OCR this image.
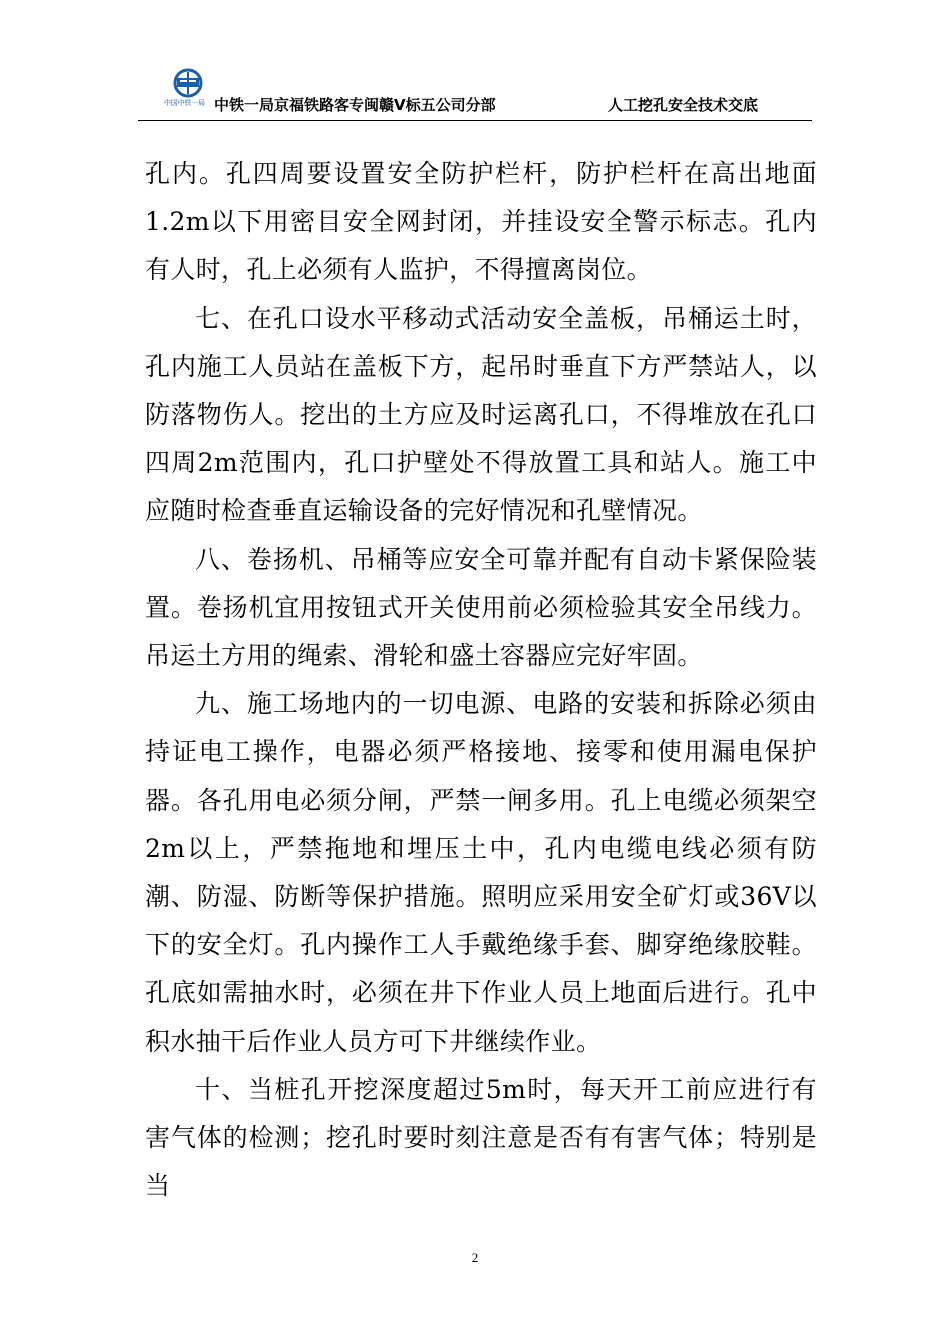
中国中铁一局 中铁一局京福铁路客专闽赣Ⅴ标五公司分部	人工挖孔安全技术交底

孔内。孔四周要设置安全防护栏杆，防护栏杆在高出地面1.2m以下用密目安全网封闭，并挂设安全警示标志。孔内有人时，孔上必须有人监护，不得擅离岗位。

七、在孔口设水平移动式活动安全盖板，吊桶运土时，孔内施工人员站在盖板下方，起吊时垂直下方严禁站人，以防落物伤人。挖出的土方应及时运离孔口，不得堆放在孔口四周2m范围内，孔口护壁处不得放置工具和站人。施工中应随时检查垂直运输设备的完好情况和孔壁情况。

八、卷扬机、吊桶等应安全可靠并配有自动卡紧保险装置。卷扬机宜用按钮式开关使用前必须检验其安全吊线力。吊运土方用的绳索、滑轮和盛土容器应完好牢固。

九、施工场地内的一切电源、电路的安装和拆除必须由持证电工操作，电器必须严格接地、接零和使用漏电保护器。各孔用电必须分闸，严禁一闸多用。孔上电缆必须架空2m以上，严禁拖地和埋压土中，孔内电缆电线必须有防潮、防湿、防断等保护措施。照明应采用安全矿灯或36V以下的安全灯。孔内操作工人手戴绝缘手套、脚穿绝缘胶鞋。孔底如需抽水时，必须在井下作业人员上地面后进行。孔中积水抽干后作业人员方可下井继续作业。

十、当桩孔开挖深度超过5m时，每天开工前应进行有害气体的检测；挖孔时要时刻注意是否有有害气体；特别是当

2
